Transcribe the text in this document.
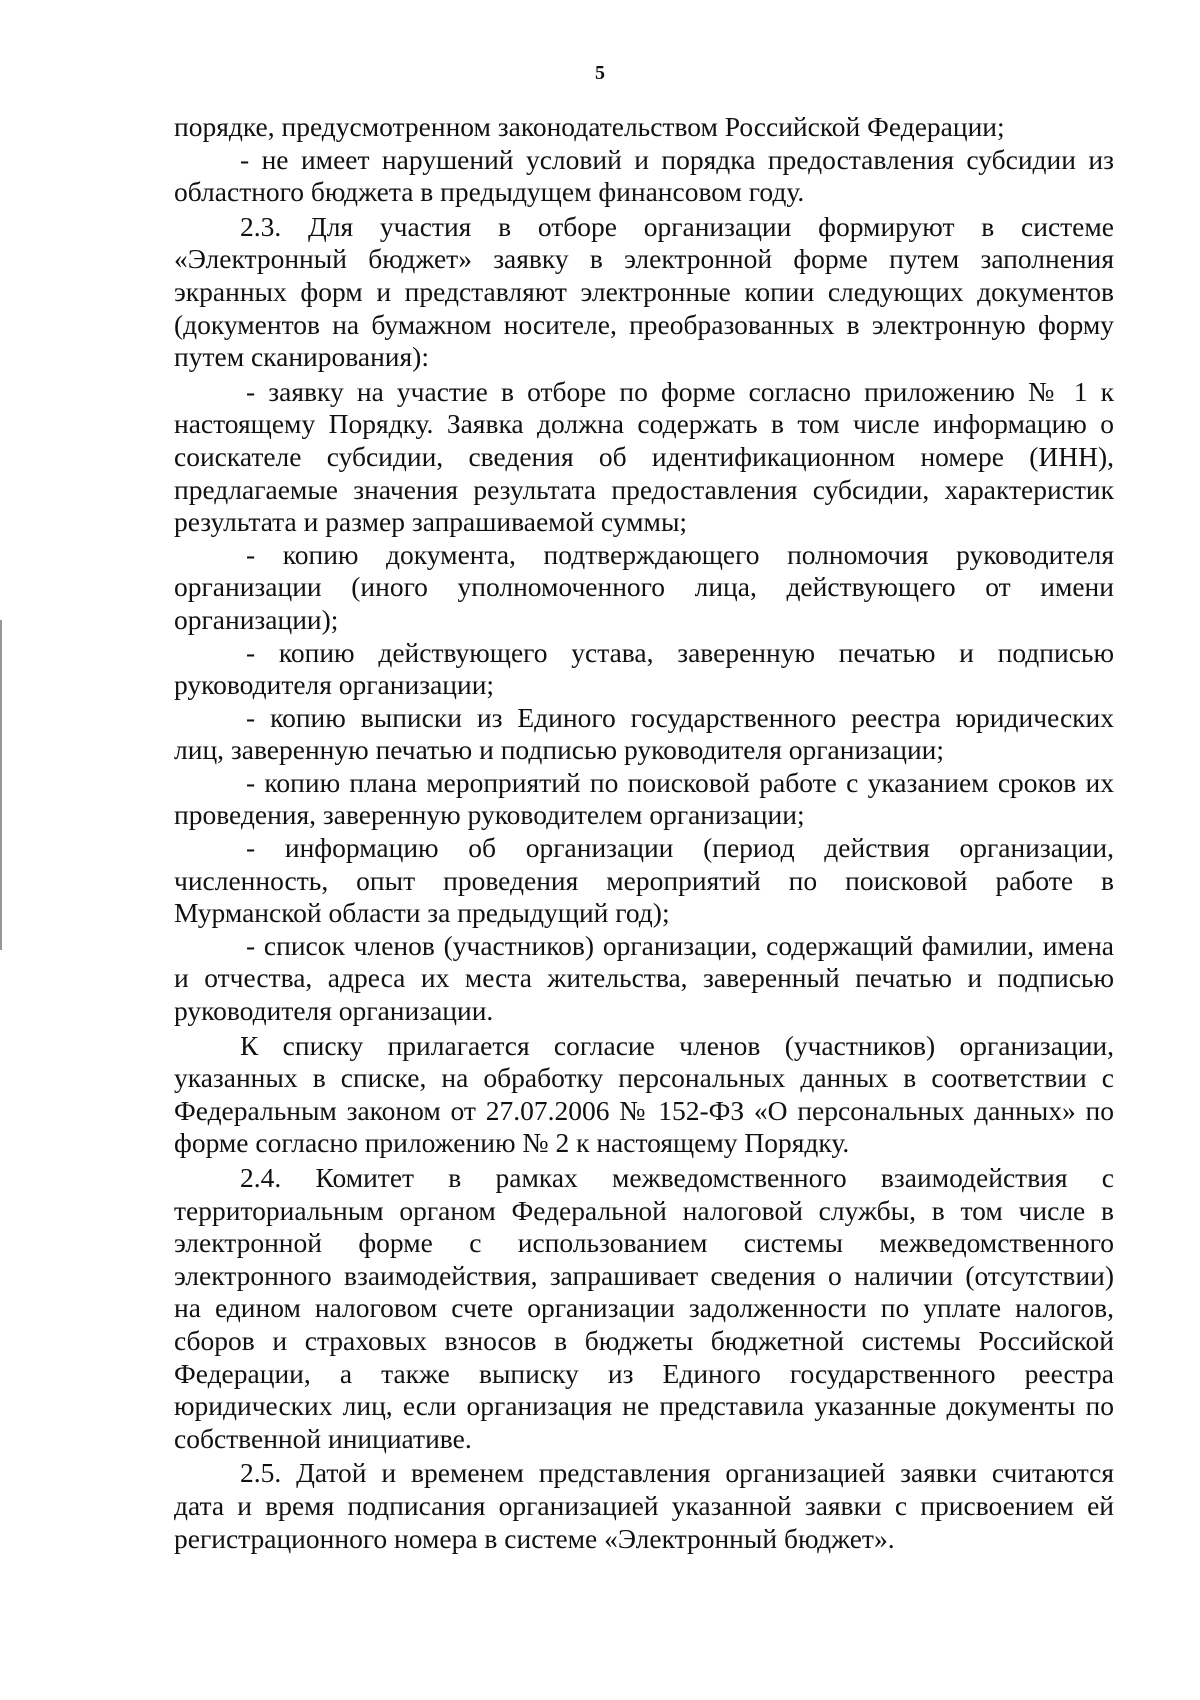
5
порядке, предусмотренном законодательством Российской Федерации;
- не имеет нарушений условий и порядка предоставления субсидии из
областного бюджета в предыдущем финансовом году.
2.3. Для участия в отборе организации формируют в системе
«Электронный бюджет» заявку в электронной форме путем заполнения
экранных форм и представляют электронные копии следующих документов
(документов на бумажном носителе, преобразованных в электронную форму
путем сканирования):
- заявку на участие в отборе по форме согласно приложению № 1 к
настоящему Порядку. Заявка должна содержать в том числе информацию о
соискателе субсидии, сведения об идентификационном номере (ИНН),
предлагаемые значения результата предоставления субсидии, характеристик
результата и размер запрашиваемой суммы;
- копию документа, подтверждающего полномочия руководителя
организации (иного уполномоченного лица, действующего от имени
организации);
- копию действующего устава, заверенную печатью и подписью
руководителя организации;
- копию выписки из Единого государственного реестра юридических
лиц, заверенную печатью и подписью руководителя организации;
- копию плана мероприятий по поисковой работе с указанием сроков их
проведения, заверенную руководителем организации;
- информацию об организации (период действия организации,
численность, опыт проведения мероприятий по поисковой работе в
Мурманской области за предыдущий год);
- список членов (участников) организации, содержащий фамилии, имена
и отчества, адреса их места жительства, заверенный печатью и подписью
руководителя организации.
К списку прилагается согласие членов (участников) организации,
указанных в списке, на обработку персональных данных в соответствии с
Федеральным законом от 27.07.2006 № 152-ФЗ «О персональных данных» по
форме согласно приложению № 2 к настоящему Порядку.
2.4. Комитет в рамках межведомственного взаимодействия с
территориальным органом Федеральной налоговой службы, в том числе в
электронной форме с использованием системы межведомственного
электронного взаимодействия, запрашивает сведения о наличии (отсутствии)
на едином налоговом счете организации задолженности по уплате налогов,
сборов и страховых взносов в бюджеты бюджетной системы Российской
Федерации, а также выписку из Единого государственного реестра
юридических лиц, если организация не представила указанные документы по
собственной инициативе.
2.5. Датой и временем представления организацией заявки считаются
дата и время подписания организацией указанной заявки с присвоением ей
регистрационного номера в системе «Электронный бюджет».
